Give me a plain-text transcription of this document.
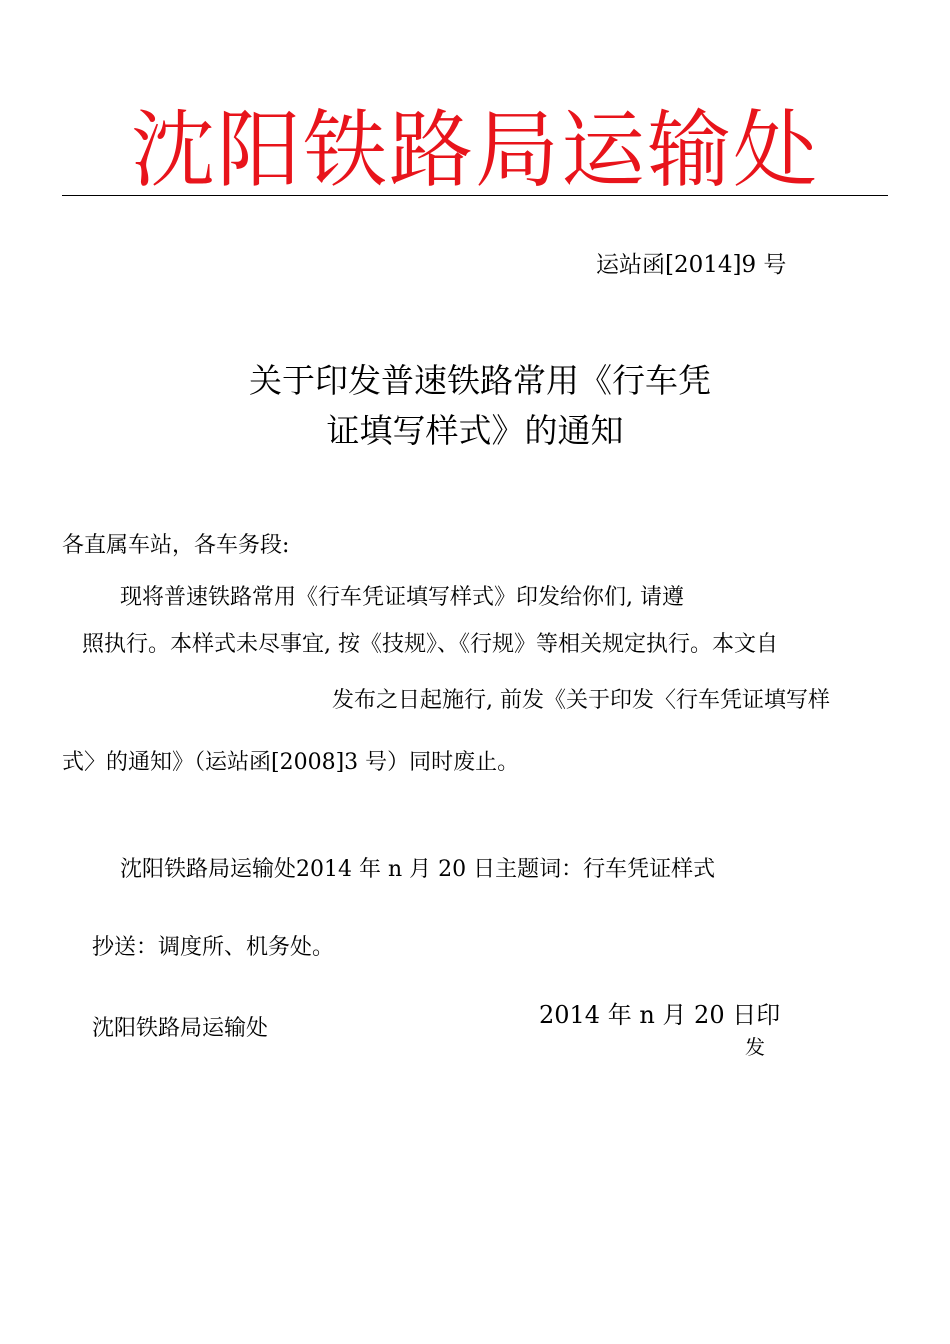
沈阳铁路局运输处
运站函[2014]9 号
关于印发普速铁路常用《行车凭
证填写样式》的通知
各直属车站，各车务段:
现将普速铁路常用《行车凭证填写样式》印发给你们, 请遵
照执行。本样式未尽事宜, 按《技规》、《行规》等相关规定执行。本文自
发布之日起施行, 前发《关于印发〈行车凭证填写样
式〉的通知》（运站函[2008]3 号）同时废止。
沈阳铁路局运输处2014 年 n 月 20 日主题词：行车凭证样式
抄送：调度所、机务处。
沈阳铁路局运输处	2014 年 n 月 20 日印
发
